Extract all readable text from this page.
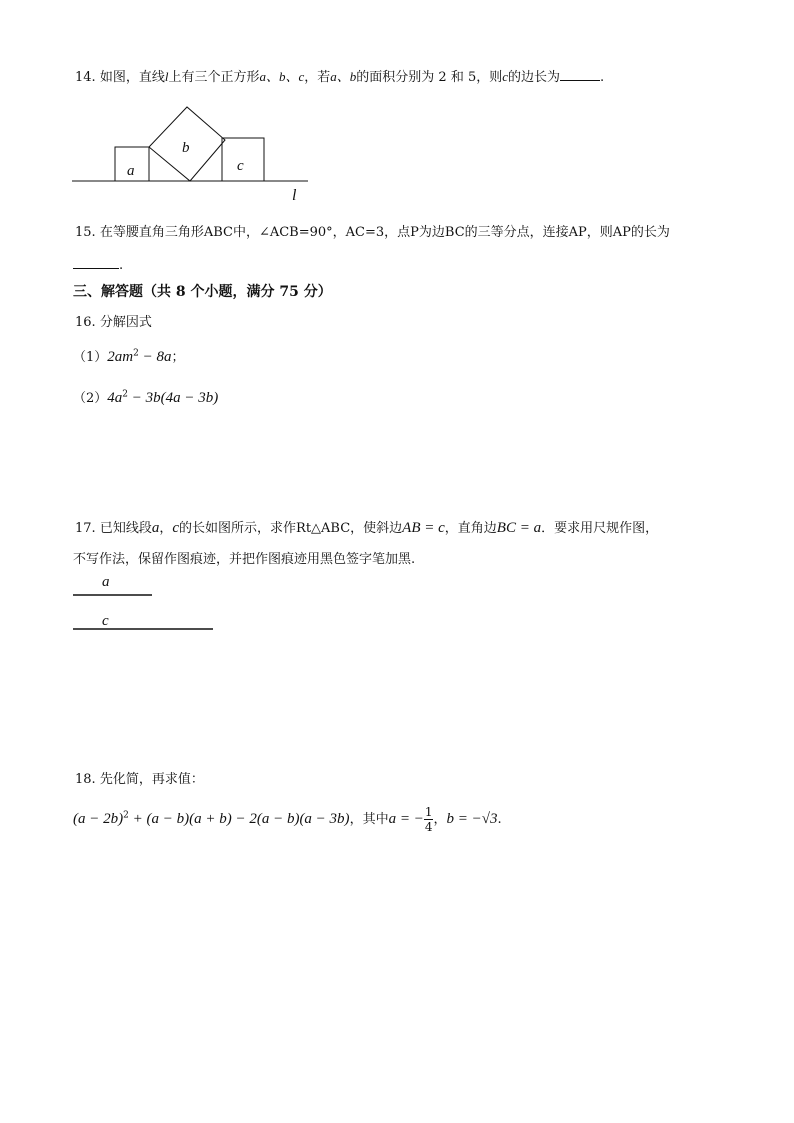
14. 如图，直线l上有三个正方形a、b、c，若a、b的面积分别为 2 和 5，则c的边长为	.
a
b
c
l
15. 在等腰直角三角形ABC中，∠ACB=90°，AC=3，点P为边BC的三等分点，连接AP，则AP的长为
.
三、解答题（共 8 个小题，满分 75 分）
16. 分解因式
$(1)2am^2 - 8a$；
$(2)4a^2 - 3b(4a - 3b)$
17. 已知线段a，c的长如图所示，求作Rt△ABC，使斜边AB = c，直角边BC = a．要求用尺规作图，
不写作法，保留作图痕迹，并把作图痕迹用黑色签字笔加黑.
a
c
18. 先化简，再求值：
$(a - 2b)^2 + (a - b)(a + b) - 2(a - b)(a - 3b)$，其中a = − $\frac{1}{4}$ ，b = −√3.
